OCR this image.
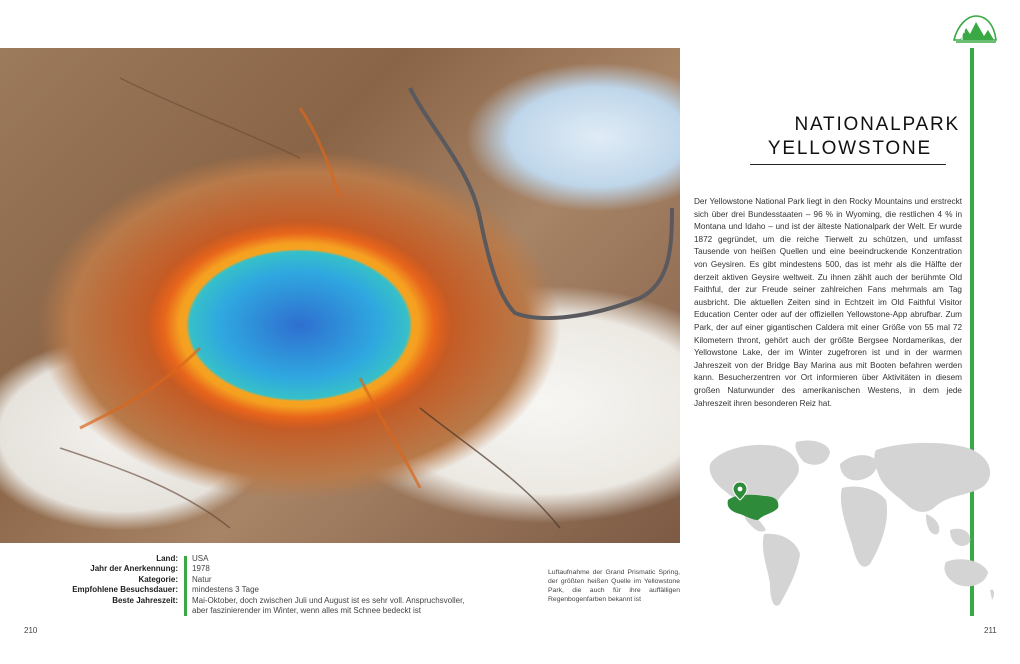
Land: USA
Jahr der Anerkennung: 1978
Kategorie: Natur
Empfohlene Besuchsdauer: mindestens 3 Tage
Beste Jahreszeit: Mai-Oktober, doch zwischen Juli und August ist es sehr voll. Anspruchsvoller, aber faszinierender im Winter, wenn alles mit Schnee bedeckt ist
Luftaufnahme der Grand Prismatic Spring, der größten heißen Quelle im Yellowstone Park, die auch für ihre auffälligen Regenbogenfarben bekannt ist
210	211
NATIONALPARK
YELLOWSTONE
Der Yellowstone National Park liegt in den Rocky Mountains und erstreckt sich über drei Bundesstaaten – 96 % in Wyoming, die restlichen 4 % in Montana und Idaho – und ist der älteste Nationalpark der Welt. Er wurde 1872 gegründet, um die reiche Tierwelt zu schützen, und umfasst Tausende von heißen Quellen und eine beeindruckende Konzentration von Geysiren. Es gibt mindestens 500, das ist mehr als die Hälfte der derzeit aktiven Geysire weltweit. Zu ihnen zählt auch der berühmte Old Faithful, der zur Freude seiner zahlreichen Fans mehrmals am Tag ausbricht. Die aktuellen Zeiten sind in Echtzeit im Old Faithful Visitor Education Center oder auf der offiziellen Yellowstone-App abrufbar. Zum Park, der auf einer gigantischen Caldera mit einer Größe von 55 mal 72 Kilometern thront, gehört auch der größte Bergsee Nordamerikas, der Yellowstone Lake, der im Winter zugefroren ist und in der warmen Jahreszeit von der Bridge Bay Marina aus mit Booten befahren werden kann. Besucherzentren vor Ort informieren über Aktivitäten in diesem großen Naturwunder des amerikanischen Westens, in dem jede Jahreszeit ihren besonderen Reiz hat.
